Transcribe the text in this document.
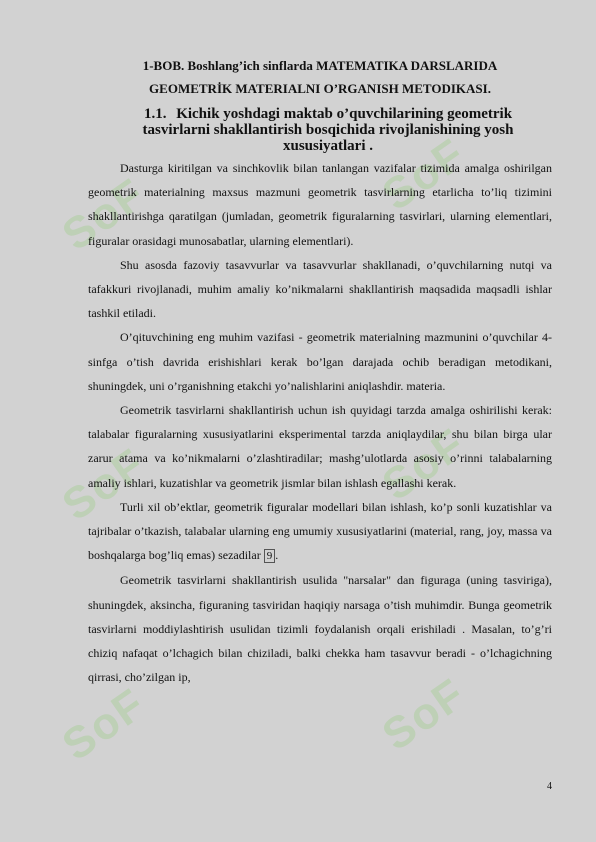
SoF	SoF
SoF	SoF
SoF	SoF
1-BOB. Boshlang’ich sinflarda MATEMATIKA DARSLARIDA
GEOMETRİK MATERIALNI O’RGANISH METODIKASI.
1.1. Kichik yoshdagi maktab o’quvchilarining geometrik tasvirlarni shakllantirish bosqichida rivojlanishining yosh xususiyatlari .

Dasturga kiritilgan va sinchkovlik bilan tanlangan vazifalar tizimida amalga oshirilgan geometrik materialning maxsus mazmuni geometrik tasvirlarning etarlicha to’liq tizimini shakllantirishga qaratilgan (jumladan, geometrik figuralarning tasvirlari, ularning elementlari, figuralar orasidagi munosabatlar, ularning elementlari).

Shu asosda fazoviy tasavvurlar va tasavvurlar shakllanadi, o’quvchilarning nutqi va tafakkuri rivojlanadi, muhim amaliy ko’nikmalarni shakllantirish maqsadida maqsadli ishlar tashkil etiladi.

O’qituvchining eng muhim vazifasi - geometrik materialning mazmunini o’quvchilar 4-sinfga o’tish davrida erishishlari kerak bo’lgan darajada ochib beradigan metodikani, shuningdek, uni o’rganishning etakchi yo’nalishlarini aniqlashdir. materia.

Geometrik tasvirlarni shakllantirish uchun ish quyidagi tarzda amalga oshirilishi kerak: talabalar figuralarning xususiyatlarini eksperimental tarzda aniqlaydilar, shu bilan birga ular zarur atama va ko’nikmalarni o’zlashtiradilar; mashg’ulotlarda asosiy o’rinni talabalarning amaliy ishlari, kuzatishlar va geometrik jismlar bilan ishlash egallashi kerak.

Turli xil ob’ektlar, geometrik figuralar modellari bilan ishlash, ko’p sonli kuzatishlar va tajribalar o’tkazish, talabalar ularning eng umumiy xususiyatlarini (material, rang, joy, massa va boshqalarga bog’liq emas) sezadilar 9 .

Geometrik tasvirlarni shakllantirish usulida "narsalar" dan figuraga (uning tasviriga), shuningdek, aksincha, figuraning tasviridan haqiqiy narsaga o’tish muhimdir. Bunga geometrik tasvirlarni moddiylashtirish usulidan tizimli foydalanish orqali erishiladi . Masalan, to’g’ri chiziq nafaqat o’lchagich bilan chiziladi, balki chekka ham tasavvur beradi - o’lchagichning qirrasi, cho’zilgan ip,

4
